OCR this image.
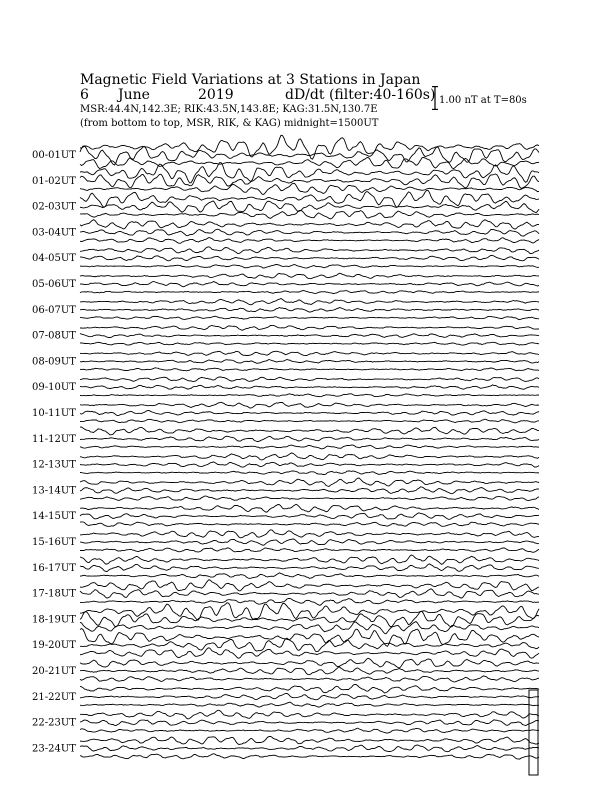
Magnetic Field Variations at 3 Stations in Japan
6 June	2019	dD/dt (filter:40-160s)
MSR:44.4N,142.3E; RIK:43.5N,143.8E; KAG:31.5N,130.7E
(from bottom to top, MSR, RIK, & KAG) midnight=1500UT
1.00 nT at T=80s
00-01UT
01-02UT
02-03UT
03-04UT
04-05UT
05-06UT
06-07UT
07-08UT
08-09UT
09-10UT
10-11UT
11-12UT
12-13UT
13-14UT
14-15UT
15-16UT
16-17UT
17-18UT
18-19UT
19-20UT
20-21UT
21-22UT
22-23UT
23-24UT
